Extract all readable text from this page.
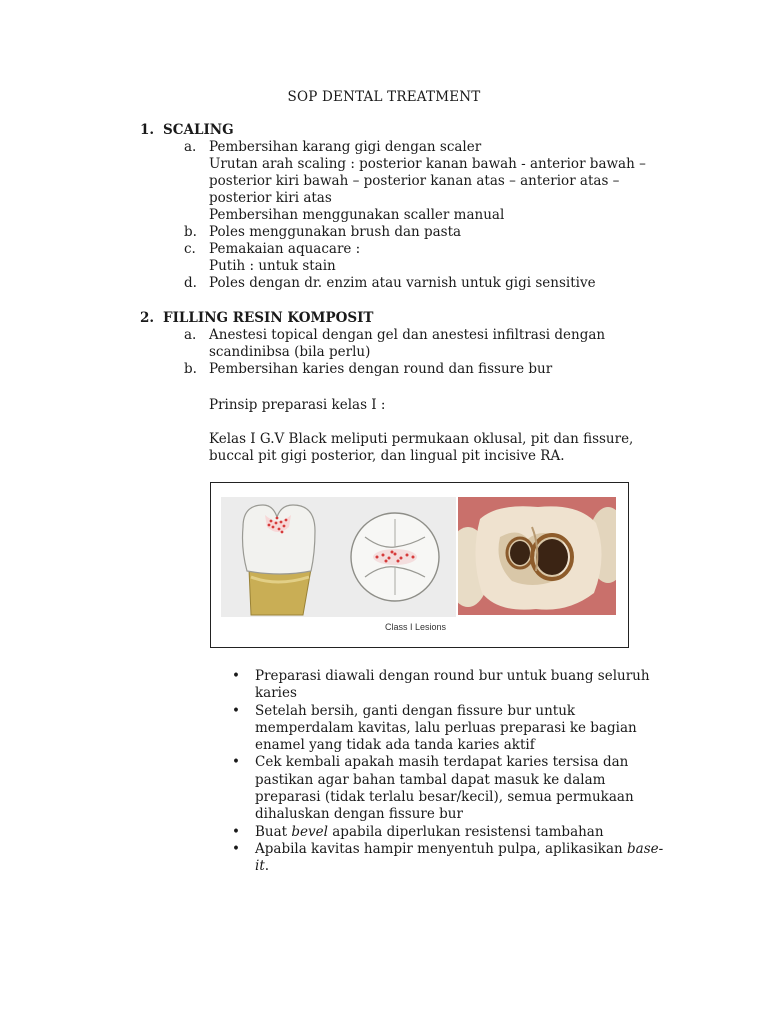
SOP DENTAL TREATMENT
1. SCALING
a. Pembersihan karang gigi dengan scaler
Urutan arah scaling : posterior kanan bawah - anterior bawah –
posterior kiri bawah – posterior kanan atas – anterior atas –
posterior kiri atas
Pembersihan menggunakan scaller manual
b. Poles menggunakan brush dan pasta
c. Pemakaian aquacare :
Putih : untuk stain
d. Poles dengan dr. enzim atau varnish untuk gigi sensitive
2. FILLING RESIN KOMPOSIT
a. Anestesi topical dengan gel dan anestesi infiltrasi dengan
scandinibsa (bila perlu)
b. Pembersihan karies dengan round dan fissure bur
Prinsip preparasi kelas I :
Kelas I G.V Black meliputi permukaan oklusal, pit dan fissure,
buccal pit gigi posterior, dan lingual pit incisive RA.
Class I Lesions
•	Preparasi diawali dengan round bur untuk buang seluruh
karies
•	Setelah bersih, ganti dengan fissure bur untuk
memperdalam kavitas, lalu perluas preparasi ke bagian
enamel yang tidak ada tanda karies aktif
•	Cek kembali apakah masih terdapat karies tersisa dan
pastikan agar bahan tambal dapat masuk ke dalam
preparasi (tidak terlalu besar/kecil), semua permukaan
dihaluskan dengan fissure bur
•	Buat bevel apabila diperlukan resistensi tambahan
•	Apabila kavitas hampir menyentuh pulpa, aplikasikan base-
it.
